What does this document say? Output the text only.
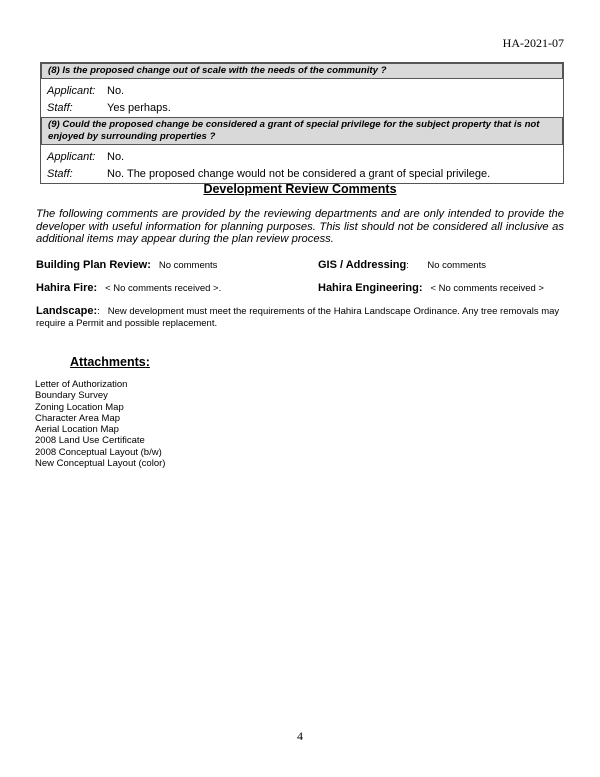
HA-2021-07
(8) Is the proposed change out of scale with the needs of the community ?
Applicant:	No.
Staff:	Yes perhaps.
(9) Could the proposed change be considered a grant of special privilege for the subject property that is not enjoyed by surrounding properties ?
Applicant:	No.
Staff:	No. The proposed change would not be considered a grant of special privilege.
Development Review Comments
The following comments are provided by the reviewing departments and are only intended to provide the developer with useful information for planning purposes. This list should not be considered all inclusive as additional items may appear during the plan review process.
Building Plan Review: No comments	GIS / Addressing: No comments
Hahira Fire: < No comments received >.	Hahira Engineering: < No comments received >
Landscape:: New development must meet the requirements of the Hahira Landscape Ordinance. Any tree removals may require a Permit and possible replacement.
Attachments:
Letter of Authorization
Boundary Survey
Zoning Location Map
Character Area Map
Aerial Location Map
2008 Land Use Certificate
2008 Conceptual Layout (b/w)
New Conceptual Layout (color)
4
